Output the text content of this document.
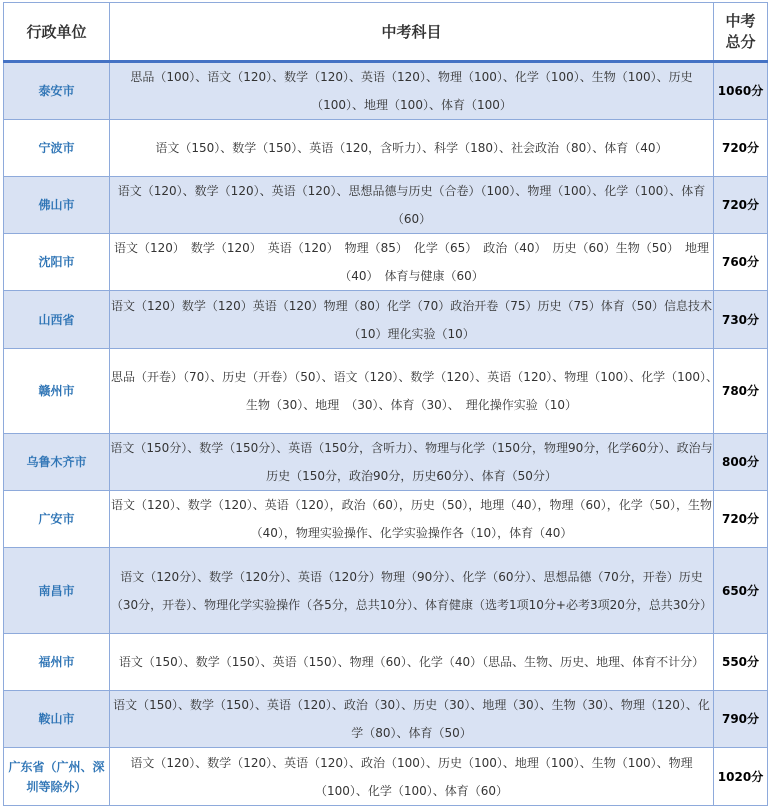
行政单位	中考科目	中考
总分
泰安市	思品（100）、语文（120）、数学（120）、英语（120）、物理（100）、化学（100）、生物（100）、历史（100）、地理（100）、体育（100）	1060分
宁波市	语文（150）、数学（150）、英语（120，含听力）、科学（180）、社会政治（80）、体育（40）	720分
佛山市	语文（120）、数学（120）、英语（120）、思想品德与历史（合卷）（100）、物理（100）、化学（100）、体育（60）	720分
沈阳市	语文（120）　数学（120）　英语（120）　物理（85）　化学（65）　政治（40）　历史（60）生物（50）　地理（40）　体育与健康（60）	760分
山西省	语文（120）数学（120）英语（120）物理（80）化学（70）政治开卷（75）历史（75）体育（50）信息技术（10）理化实验（10）	730分
赣州市	思品（开卷）（70）、历史（开卷）（50）、语文（120）、数学（120）、英语（120）、物理（100）、化学（100）、　生物（30）、地理　（30）、体育（30）、　理化操作实验（10）	780分
乌鲁木齐市	语文（150分）、数学（150分）、英语（150分，含听力）、物理与化学（150分，物理90分，化学60分）、政治与历史（150分，政治90分，历史60分）、体育（50分）	800分
广安市	语文（120）、数学（120）、英语（120），政治（60），历史（50），地理（40），物理（60），化学（50），生物（40），物理实验操作、化学实验操作各（10），体育（40）	720分
南昌市	语文（120分）、数学（120分）、英语（120分）物理（90分）、化学（60分）、思想品德（70分，开卷）历史（30分，开卷）、物理化学实验操作（各5分，总共10分）、体育健康（选考1项10分+必考3项20分，总共30分）	650分
福州市	语文（150）、数学（150）、英语（150）、物理（60）、化学（40）（思品、生物、历史、地理、体育不计分）	550分
鞍山市	语文（150）、数学（150）、英语（120）、政治（30）、历史（30）、地理（30）、生物（30）、物理（120）、化学（80）、体育（50）	790分
广东省（广州、深圳等除外）	语文（120）、数学（120）、英语（120）、政治（100）、历史（100）、地理（100）、生物（100）、物理（100）、化学（100）、体育（60）	1020分
